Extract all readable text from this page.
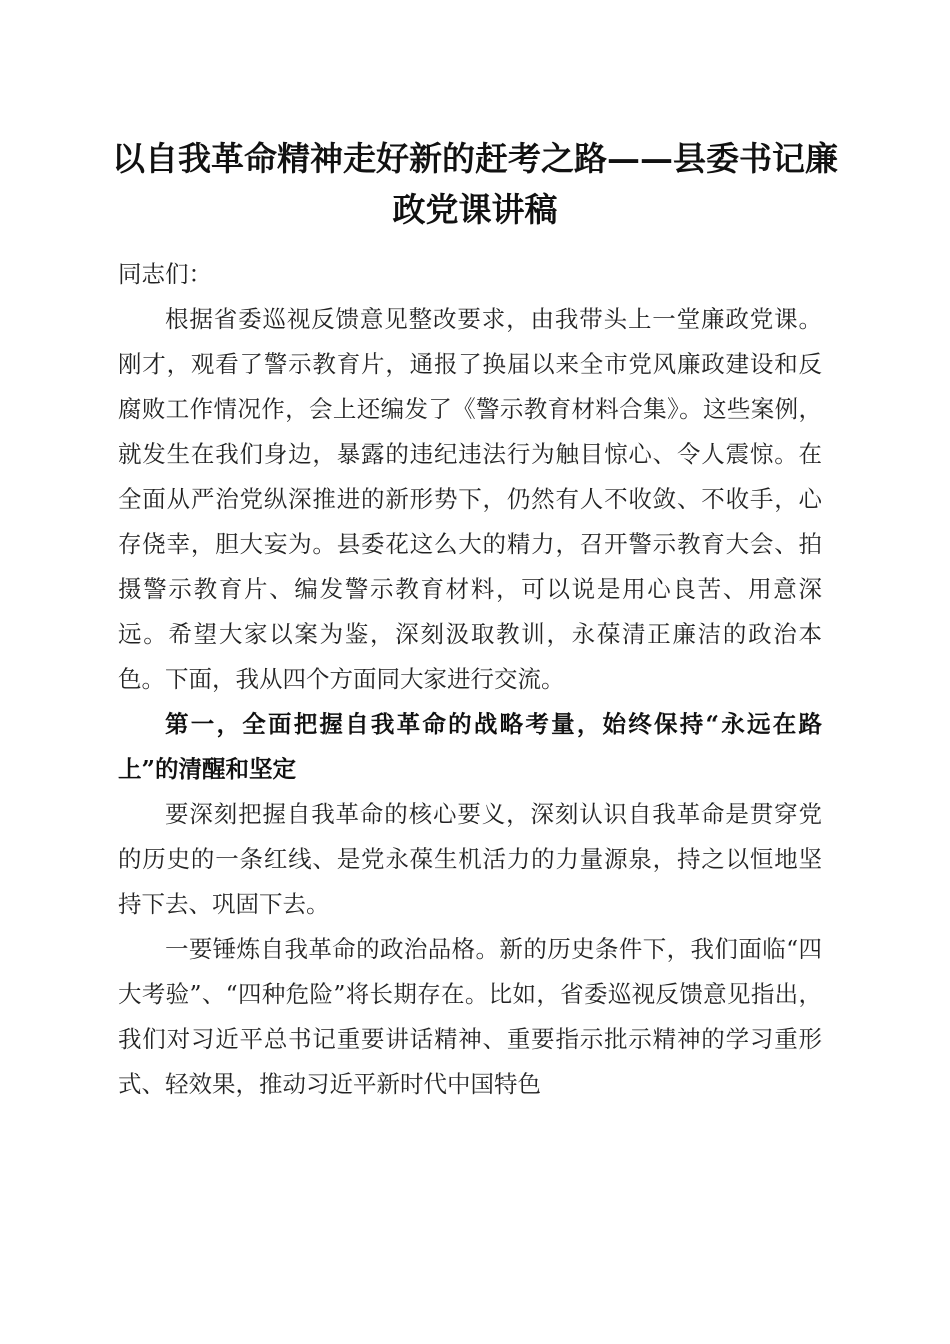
以自我革命精神走好新的赶考之路——县委书记廉政党课讲稿

同志们：

根据省委巡视反馈意见整改要求，由我带头上一堂廉政党课。刚才，观看了警示教育片，通报了换届以来全市党风廉政建设和反腐败工作情况作，会上还编发了《警示教育材料合集》。这些案例，就发生在我们身边，暴露的违纪违法行为触目惊心、令人震惊。在全面从严治党纵深推进的新形势下，仍然有人不收敛、不收手，心存侥幸，胆大妄为。县委花这么大的精力，召开警示教育大会、拍摄警示教育片、编发警示教育材料，可以说是用心良苦、用意深远。希望大家以案为鉴，深刻汲取教训，永葆清正廉洁的政治本色。下面，我从四个方面同大家进行交流。

第一，全面把握自我革命的战略考量，始终保持“永远在路上”的清醒和坚定

要深刻把握自我革命的核心要义，深刻认识自我革命是贯穿党的历史的一条红线、是党永葆生机活力的力量源泉，持之以恒地坚持下去、巩固下去。

一要锤炼自我革命的政治品格。新的历史条件下，我们面临“四大考验”、“四种危险”将长期存在。比如，省委巡视反馈意见指出，我们对习近平总书记重要讲话精神、重要指示批示精神的学习重形式、轻效果，推动习近平新时代中国特色
